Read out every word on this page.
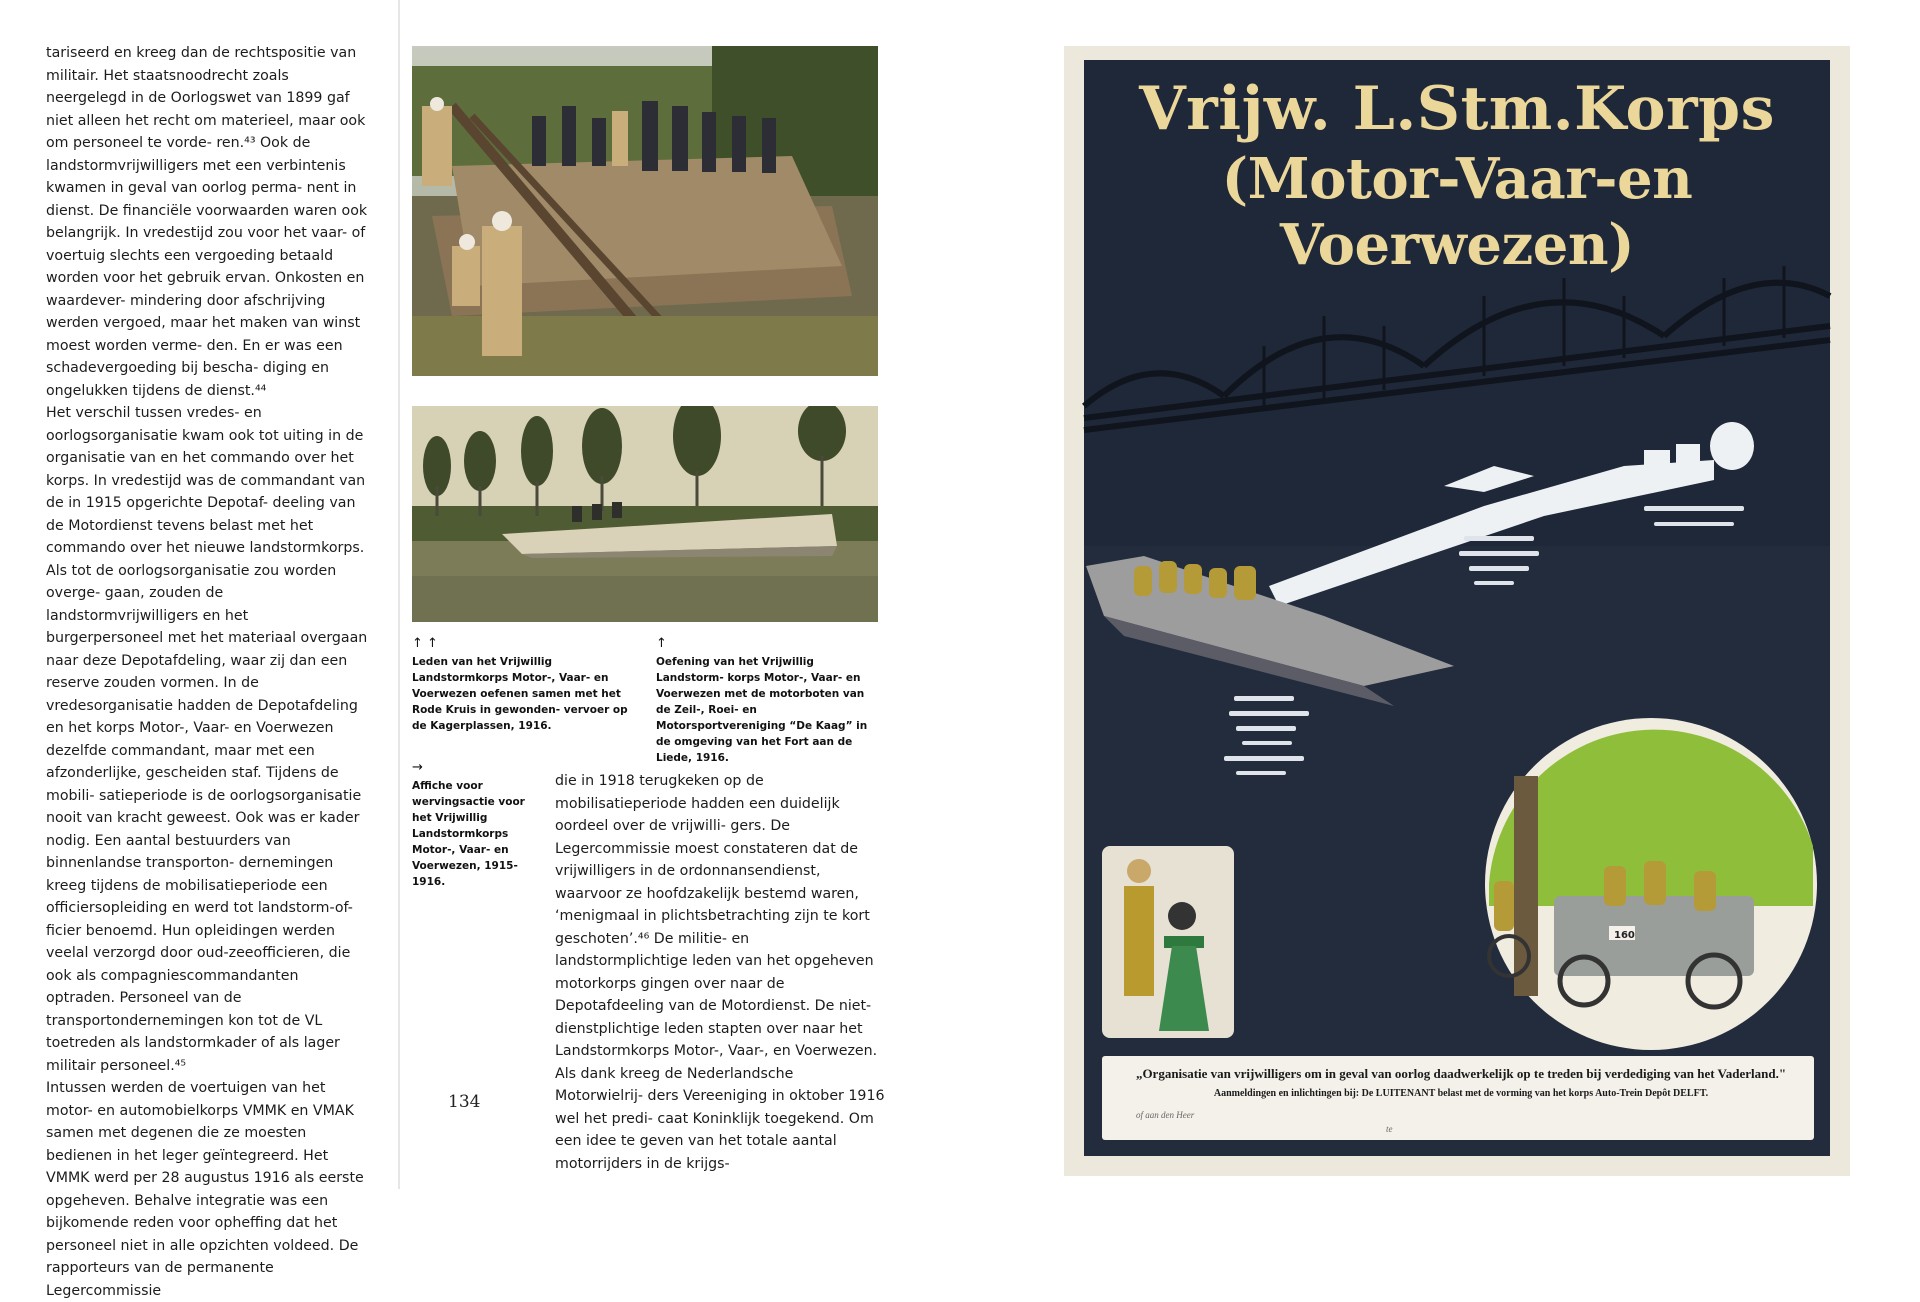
tariseerd en kreeg dan de rechtspositie van militair. Het staatsnoodrecht zoals neergelegd in de Oorlogswet van 1899 gaf niet alleen het recht om materieel, maar ook om personeel te vorde- ren.⁴³ Ook de landstormvrijwilligers met een verbintenis kwamen in geval van oorlog perma- nent in dienst. De financiële voorwaarden waren ook belangrijk. In vredestijd zou voor het vaar- of voertuig slechts een vergoeding betaald worden voor het gebruik ervan. Onkosten en waardever- mindering door afschrijving werden vergoed, maar het maken van winst moest worden verme- den. En er was een schadevergoeding bij bescha- diging en ongelukken tijdens de dienst.⁴⁴

Het verschil tussen vredes- en oorlogsorganisatie kwam ook tot uiting in de organisatie van en het commando over het korps. In vredestijd was de commandant van de in 1915 opgerichte Depotaf- deeling van de Motordienst tevens belast met het commando over het nieuwe landstormkorps. Als tot de oorlogsorganisatie zou worden overge- gaan, zouden de landstormvrijwilligers en het burgerpersoneel met het materiaal overgaan naar deze Depotafdeling, waar zij dan een reserve zouden vormen. In de vredesorganisatie hadden de Depotafdeling en het korps Motor-, Vaar- en Voerwezen dezelfde commandant, maar met een afzonderlijke, gescheiden staf. Tijdens de mobili- satieperiode is de oorlogsorganisatie nooit van kracht geweest. Ook was er kader nodig. Een aantal bestuurders van binnenlandse transporton- dernemingen kreeg tijdens de mobilisatieperiode een officiersopleiding en werd tot landstorm-of- ficier benoemd. Hun opleidingen werden veelal verzorgd door oud-zeeofficieren, die ook als compagniescommandanten optraden. Personeel van de transportondernemingen kon tot de VL toetreden als landstormkader of als lager militair personeel.⁴⁵

Intussen werden de voertuigen van het motor- en automobielkorps VMMK en VMAK samen met degenen die ze moesten bedienen in het leger geïntegreerd. Het VMMK werd per 28 augustus 1916 als eerste opgeheven. Behalve integratie was een bijkomende reden voor opheffing dat het personeel niet in alle opzichten voldeed. De rapporteurs van de permanente Legercommissie

↑ ↑
Leden van het Vrijwillig Landstormkorps Motor-, Vaar- en Voerwezen oefenen samen met het Rode Kruis in gewonden- vervoer op de Kagerplassen, 1916.
↑
Oefening van het Vrijwillig Landstorm- korps Motor-, Vaar- en Voerwezen met de motorboten van de Zeil-, Roei- en Motorsportvereniging “De Kaag” in de omgeving van het Fort aan de Liede, 1916.
→
Affiche voor wervingsactie voor het Vrijwillig Landstormkorps Motor-, Vaar- en Voerwezen, 1915-1916.

die in 1918 terugkeken op de mobilisatieperiode hadden een duidelijk oordeel over de vrijwilli- gers. De Legercommissie moest constateren dat de vrijwilligers in de ordonnansendienst, waarvoor ze hoofdzakelijk bestemd waren, ‘menigmaal in plichtsbetrachting zijn te kort geschoten’.⁴⁶ De militie- en landstormplichtige leden van het opgeheven motorkorps gingen over naar de Depotafdeeling van de Motordienst. De niet-dienstplichtige leden stapten over naar het Landstormkorps Motor-, Vaar-, en Voerwezen. Als dank kreeg de Nederlandsche Motorwielrij- ders Vereeniging in oktober 1916 wel het predi- caat Koninklijk toegekend. Om een idee te geven van het totale aantal motorrijders in de krijgs-

134
160
Vrijw. L.Stm.Korps
(Motor-Vaar-en Voerwezen)
„Organisatie van vrijwilligers om in geval van oorlog daadwerkelijk op te treden bij verdediging van het Vaderland."
Aanmeldingen en inlichtingen bij: De LUITENANT belast met de vorming van het korps Auto-Trein Depôt DELFT.
of aan den Heer
te
